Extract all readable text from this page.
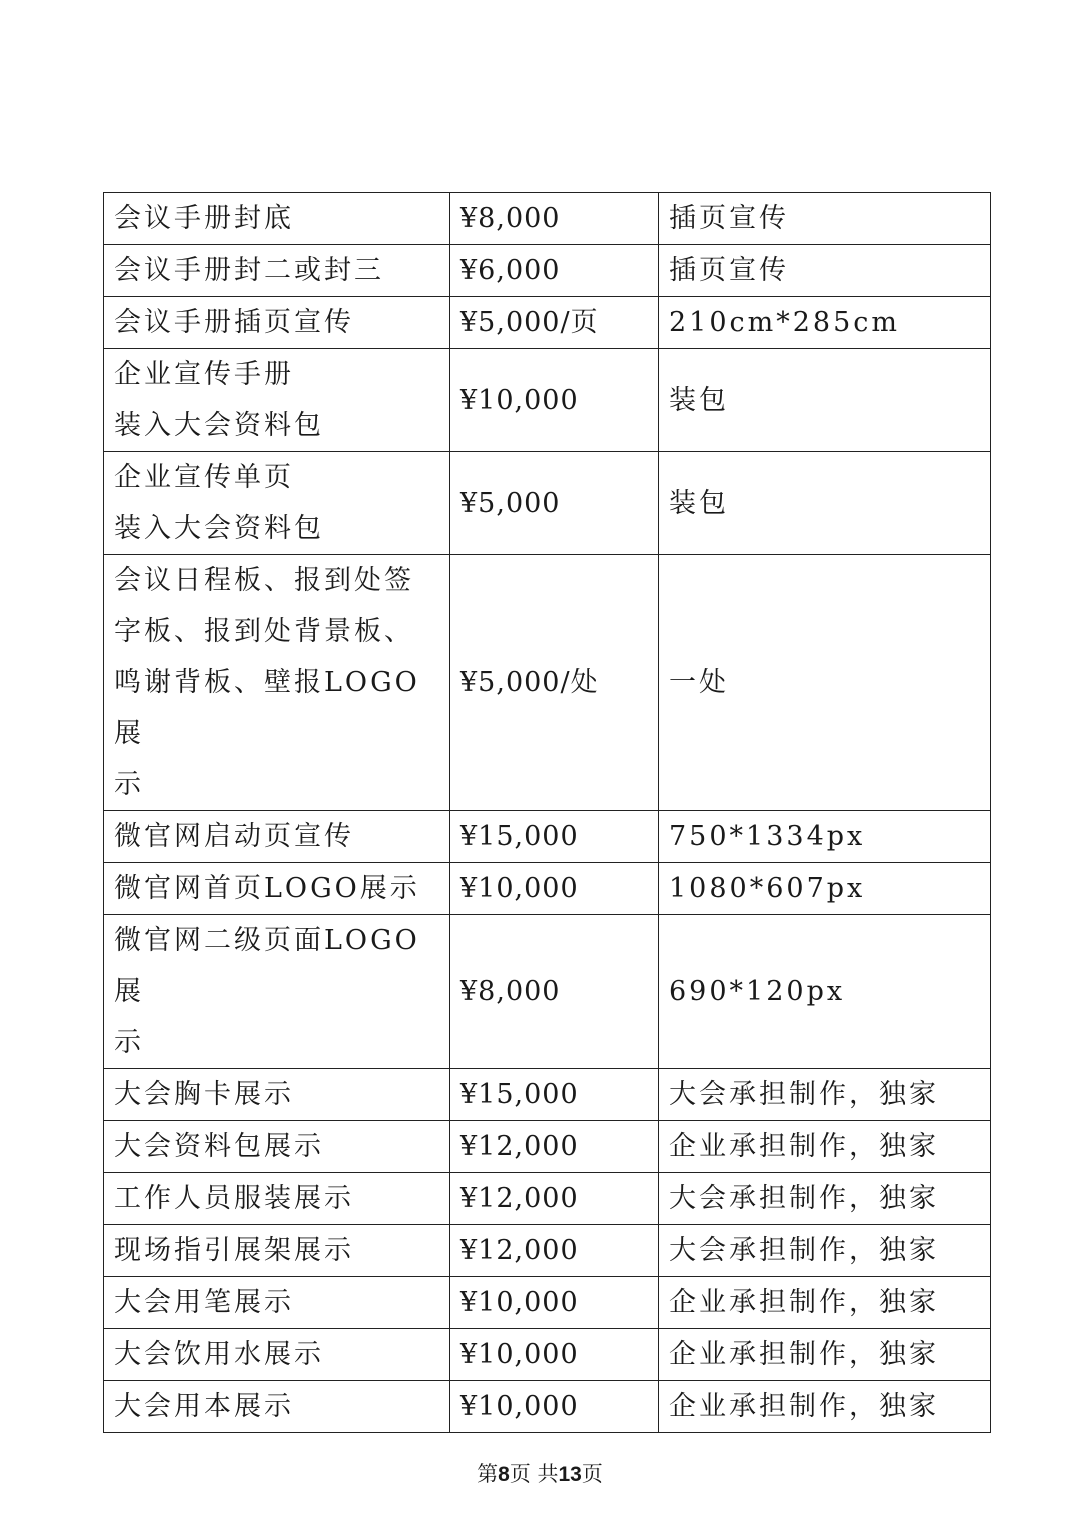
会议手册封底	¥8,000	插页宣传
会议手册封二或封三	¥6,000	插页宣传
会议手册插页宣传	¥5,000/页	210cm*285cm
企业宣传手册
装入大会资料包	¥10,000	装包
企业宣传单页
装入大会资料包	¥5,000	装包
会议日程板、报到处签
字板、报到处背景板、
鸣谢背板、壁报LOGO展
示	¥5,000/处	一处
微官网启动页宣传	¥15,000	750*1334px
微官网首页LOGO展示	¥10,000	1080*607px
微官网二级页面LOGO展
示	¥8,000	690*120px
大会胸卡展示	¥15,000	大会承担制作，独家
大会资料包展示	¥12,000	企业承担制作，独家
工作人员服装展示	¥12,000	大会承担制作，独家
现场指引展架展示	¥12,000	大会承担制作，独家
大会用笔展示	¥10,000	企业承担制作，独家
大会饮用水展示	¥10,000	企业承担制作，独家
大会用本展示	¥10,000	企业承担制作，独家
第8页 共13页
